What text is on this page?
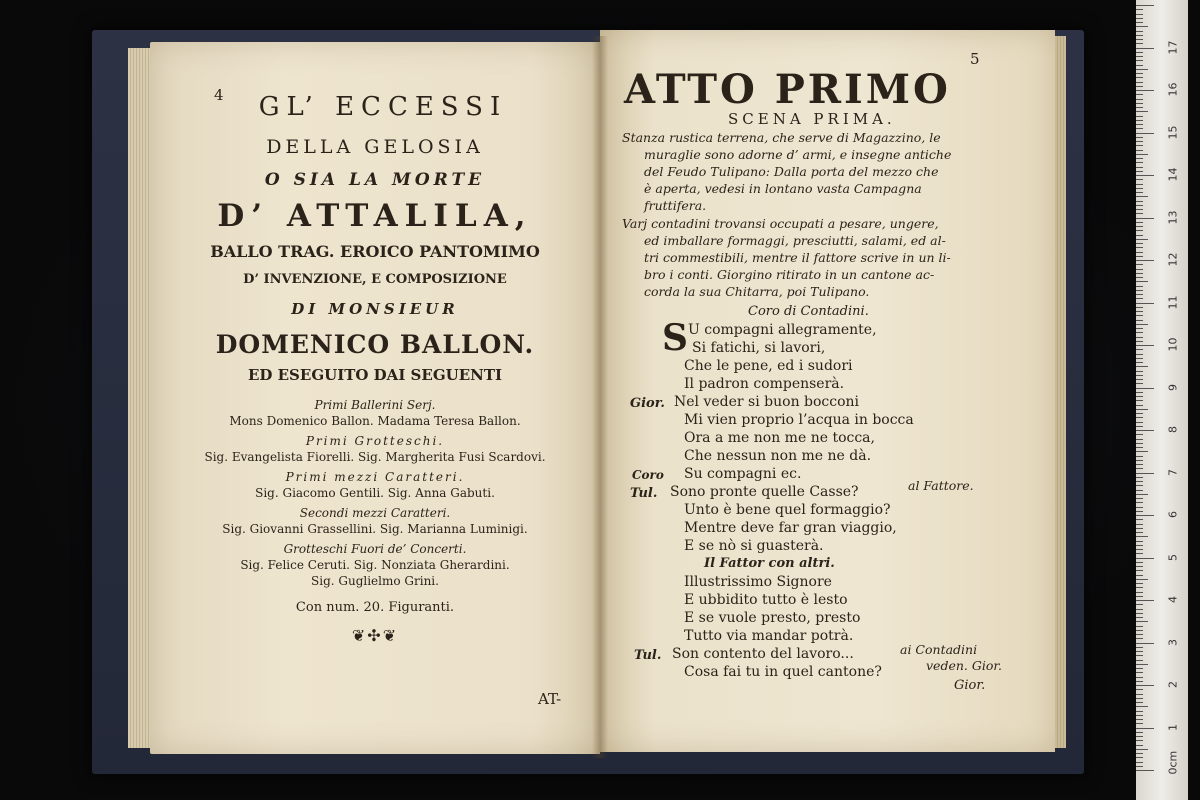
4	GL’ ECCESSI
DELLA GELOSIA
O SIA LA MORTE
D’ ATTALILA,
BALLO TRAG. EROICO PANTOMIMO
D’ INVENZIONE, E COMPOSIZIONE
DI MONSIEUR
DOMENICO BALLON.
ED ESEGUITO DAI SEGUENTI
Primi Ballerini Serj.
Mons Domenico Ballon. Madama Teresa Ballon.
Primi Grotteschi.
Sig. Evangelista Fiorelli. Sig. Margherita Fusi Scardovi.
Primi mezzi Caratteri.
Sig. Giacomo Gentili. Sig. Anna Gabuti.
Secondi mezzi Caratteri.
Sig. Giovanni Grassellini. Sig. Marianna Luminigi.
Grotteschi Fuori de’ Concerti.
Sig. Felice Ceruti. Sig. Nonziata Gherardini.
Sig. Guglielmo Grini.
Con num. 20. Figuranti.
❦✣❦
AT-
5
ATTO PRIMO
SCENA PRIMA.
Stanza rustica terrena, che serve di Magazzino, le
muraglie sono adorne d’ armi, e insegne antiche
del Feudo Tulipano: Dalla porta del mezzo che
è aperta, vedesi in lontano vasta Campagna
fruttifera.
Varj contadini trovansi occupati a pesare, ungere,
ed imballare formaggi, presciutti, salami, ed al-
tri commestibili, mentre il fattore scrive in un li-
bro i conti. Giorgino ritirato in un cantone ac-
corda la sua Chitarra, poi Tulipano.
Coro di Contadini.
S U compagni allegramente,
Si fatichi, si lavori,
Che le pene, ed i sudori
Il padron compenserà.
Gior. Nel veder si buon bocconi
Mi vien proprio l’acqua in bocca
Ora a me non me ne tocca,
Che nessun non me ne dà.
Coro Su compagni ec.
Tul. Sono pronte quelle Casse?	al Fattore.
Unto è bene quel formaggio?
Mentre deve far gran viaggio,
E se nò si guasterà.
Il Fattor con altri.
Illustrissimo Signore
E ubbidito tutto è lesto
E se vuole presto, presto
Tutto via mandar potrà.
Tul. Son contento del lavoro...	ai Contadini
Cosa fai tu in quel cantone?	veden. Gior.
Gior.
0cm
1
2
3
4
5
6
7
8
9
10
11
12
13
14
15
16
17
